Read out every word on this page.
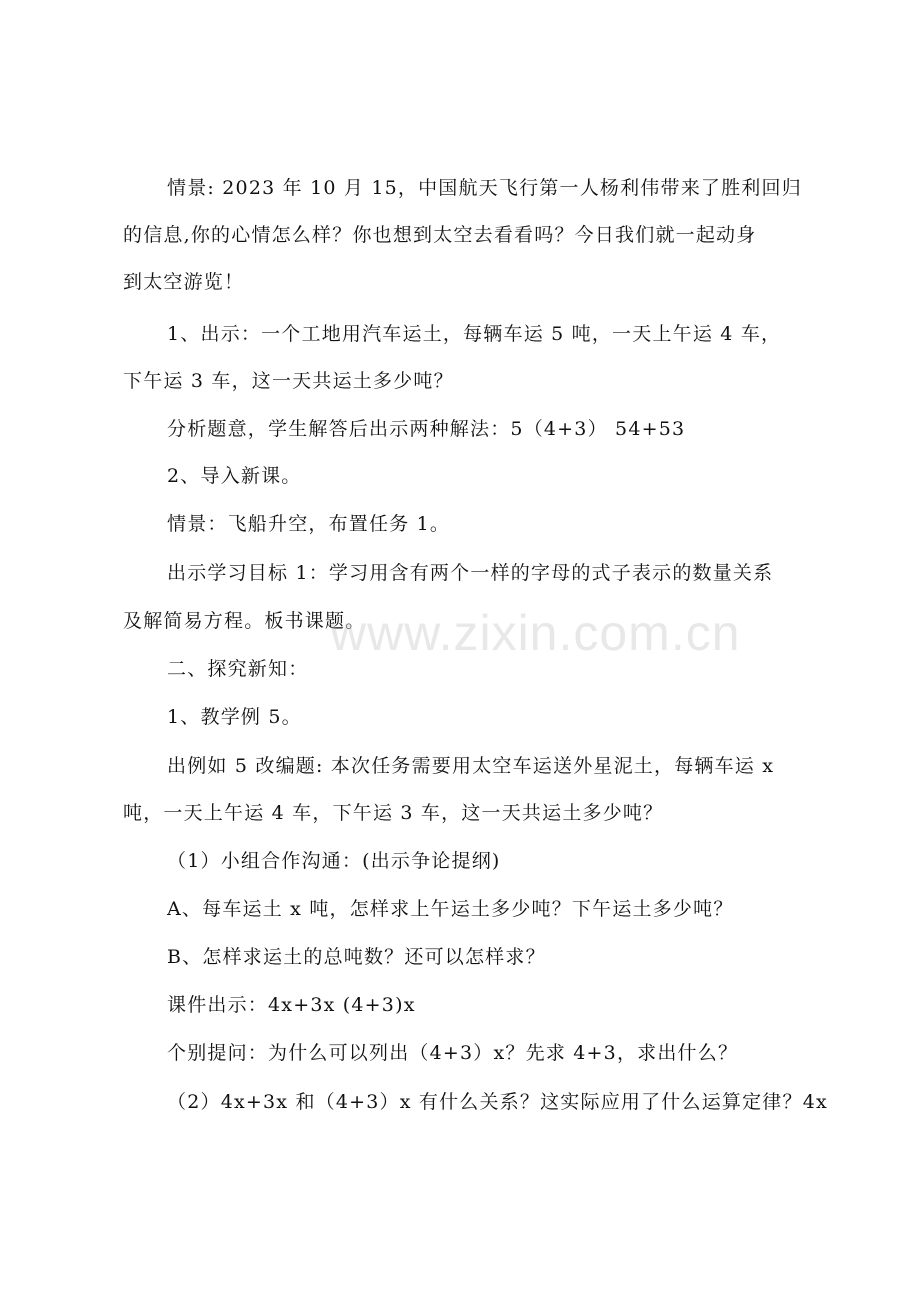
情景: 2023 年 10 月 15，中国航天飞行第一人杨利伟带来了胜利回归
的信息,你的心情怎么样？你也想到太空去看看吗？今日我们就一起动身
到太空游览！
1、出示：一个工地用汽车运土，每辆车运 5 吨，一天上午运 4 车，
下午运 3 车，这一天共运土多少吨？
分析题意，学生解答后出示两种解法：5（4+3） 54+53
2、导入新课。
情景：飞船升空，布置任务 1。
出示学习目标 1：学习用含有两个一样的字母的式子表示的数量关系
及解简易方程。板书课题。
二、探究新知：
1、教学例 5。
出例如 5 改编题: 本次任务需要用太空车运送外星泥土，每辆车运 x
吨，一天上午运 4 车，下午运 3 车，这一天共运土多少吨？
（1）小组合作沟通：(出示争论提纲)
A、每车运土 x 吨，怎样求上午运土多少吨？下午运土多少吨？
B、怎样求运土的总吨数？还可以怎样求？
课件出示：4x+3x (4+3)x
个别提问：为什么可以列出（4+3）x？先求 4+3，求出什么？
（2）4x+3x 和（4+3）x 有什么关系？这实际应用了什么运算定律？4x
www.zixin.com.cn
